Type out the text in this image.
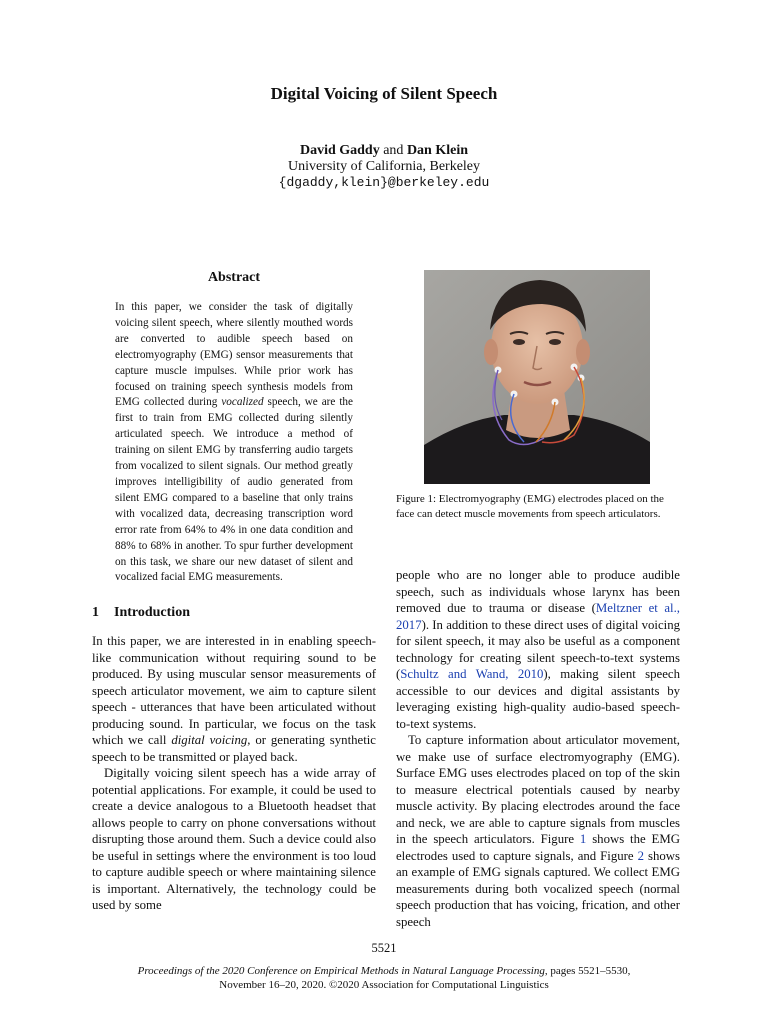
Digital Voicing of Silent Speech
David Gaddy and Dan Klein
University of California, Berkeley
{dgaddy,klein}@berkeley.edu
Abstract
In this paper, we consider the task of digitally voicing silent speech, where silently mouthed words are converted to audible speech based on electromyography (EMG) sensor measurements that capture muscle impulses. While prior work has focused on training speech synthesis models from EMG collected during vocalized speech, we are the first to train from EMG collected during silently articulated speech. We introduce a method of training on silent EMG by transferring audio targets from vocalized to silent signals. Our method greatly improves intelligibility of audio generated from silent EMG compared to a baseline that only trains with vocalized data, decreasing transcription word error rate from 64% to 4% in one data condition and 88% to 68% in another. To spur further development on this task, we share our new dataset of silent and vocalized facial EMG measurements.
1 Introduction

In this paper, we are interested in in enabling speech-like communication without requiring sound to be produced. By using muscular sensor measurements of speech articulator movement, we aim to capture silent speech - utterances that have been articulated without producing sound. In particular, we focus on the task which we call digital voicing, or generating synthetic speech to be transmitted or played back.

Digitally voicing silent speech has a wide array of potential applications. For example, it could be used to create a device analogous to a Bluetooth headset that allows people to carry on phone conversations without disrupting those around them. Such a device could also be useful in settings where the environment is too loud to capture audible speech or where maintaining silence is important. Alternatively, the technology could be used by some

Figure 1: Electromyography (EMG) electrodes placed on the face can detect muscle movements from speech articulators.

people who are no longer able to produce audible speech, such as individuals whose larynx has been removed due to trauma or disease (Meltzner et al., 2017). In addition to these direct uses of digital voicing for silent speech, it may also be useful as a component technology for creating silent speech-to-text systems (Schultz and Wand, 2010), making silent speech accessible to our devices and digital assistants by leveraging existing high-quality audio-based speech-to-text systems.

To capture information about articulator movement, we make use of surface electromyography (EMG). Surface EMG uses electrodes placed on top of the skin to measure electrical potentials caused by nearby muscle activity. By placing electrodes around the face and neck, we are able to capture signals from muscles in the speech articulators. Figure 1 shows the EMG electrodes used to capture signals, and Figure 2 shows an example of EMG signals captured. We collect EMG measurements during both vocalized speech (normal speech production that has voicing, frication, and other speech

5521
Proceedings of the 2020 Conference on Empirical Methods in Natural Language Processing, pages 5521–5530,
November 16–20, 2020. ©2020 Association for Computational Linguistics
